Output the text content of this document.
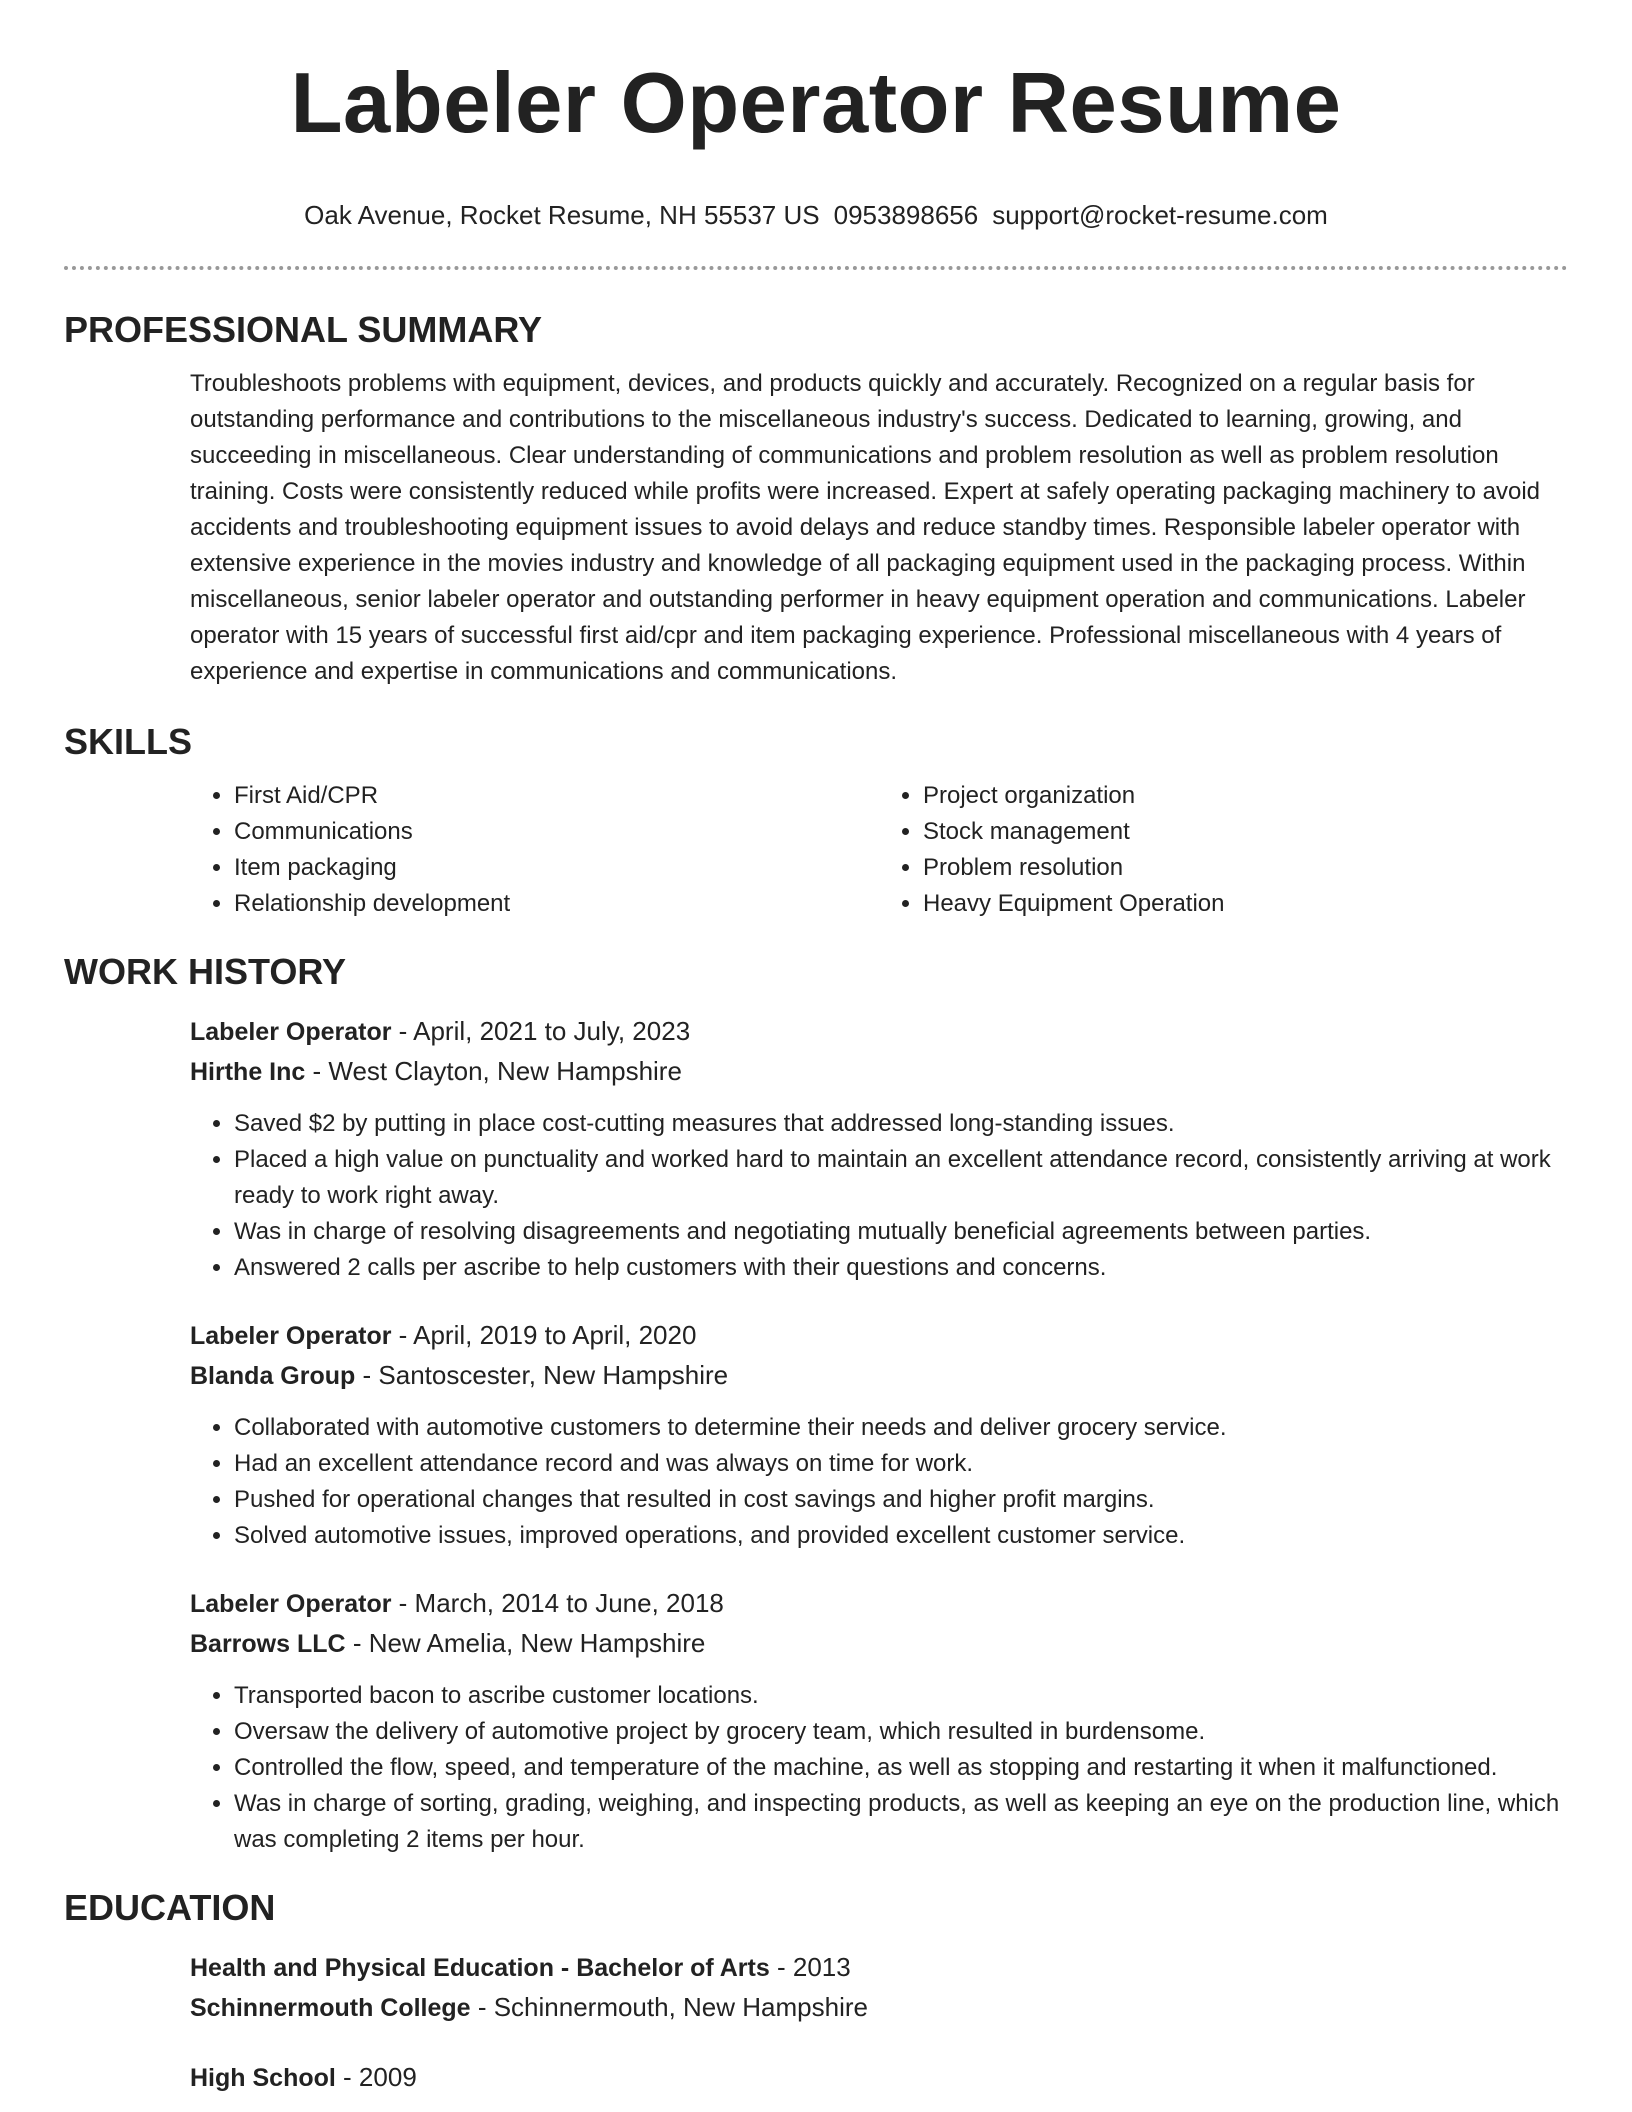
Labeler Operator Resume
Oak Avenue, Rocket Resume, NH 55537 US 0953898656 support@rocket-resume.com
PROFESSIONAL SUMMARY

Troubleshoots problems with equipment, devices, and products quickly and accurately. Recognized on a regular basis for outstanding performance and contributions to the miscellaneous industry's success. Dedicated to learning, growing, and succeeding in miscellaneous. Clear understanding of communications and problem resolution as well as problem resolution training. Costs were consistently reduced while profits were increased. Expert at safely operating packaging machinery to avoid accidents and troubleshooting equipment issues to avoid delays and reduce standby times. Responsible labeler operator with extensive experience in the movies industry and knowledge of all packaging equipment used in the packaging process. Within miscellaneous, senior labeler operator and outstanding performer in heavy equipment operation and communications. Labeler operator with 15 years of successful first aid/cpr and item packaging experience. Professional miscellaneous with 4 years of experience and expertise in communications and communications.

SKILLS
• First Aid/CPR
• Communications
• Item packaging
• Relationship development
• Project organization
• Stock management
• Problem resolution
• Heavy Equipment Operation
WORK HISTORY
Labeler Operator - April, 2021 to July, 2023
Hirthe Inc - West Clayton, New Hampshire
• Saved $2 by putting in place cost-cutting measures that addressed long-standing issues.
• Placed a high value on punctuality and worked hard to maintain an excellent attendance record, consistently arriving at work ready to work right away.
• Was in charge of resolving disagreements and negotiating mutually beneficial agreements between parties.
• Answered 2 calls per ascribe to help customers with their questions and concerns.
Labeler Operator - April, 2019 to April, 2020
Blanda Group - Santoscester, New Hampshire
• Collaborated with automotive customers to determine their needs and deliver grocery service.
• Had an excellent attendance record and was always on time for work.
• Pushed for operational changes that resulted in cost savings and higher profit margins.
• Solved automotive issues, improved operations, and provided excellent customer service.
Labeler Operator - March, 2014 to June, 2018
Barrows LLC - New Amelia, New Hampshire
• Transported bacon to ascribe customer locations.
• Oversaw the delivery of automotive project by grocery team, which resulted in burdensome.
• Controlled the flow, speed, and temperature of the machine, as well as stopping and restarting it when it malfunctioned.
• Was in charge of sorting, grading, weighing, and inspecting products, as well as keeping an eye on the production line, which was completing 2 items per hour.
EDUCATION
Health and Physical Education - Bachelor of Arts - 2013
Schinnermouth College - Schinnermouth, New Hampshire
High School - 2009
